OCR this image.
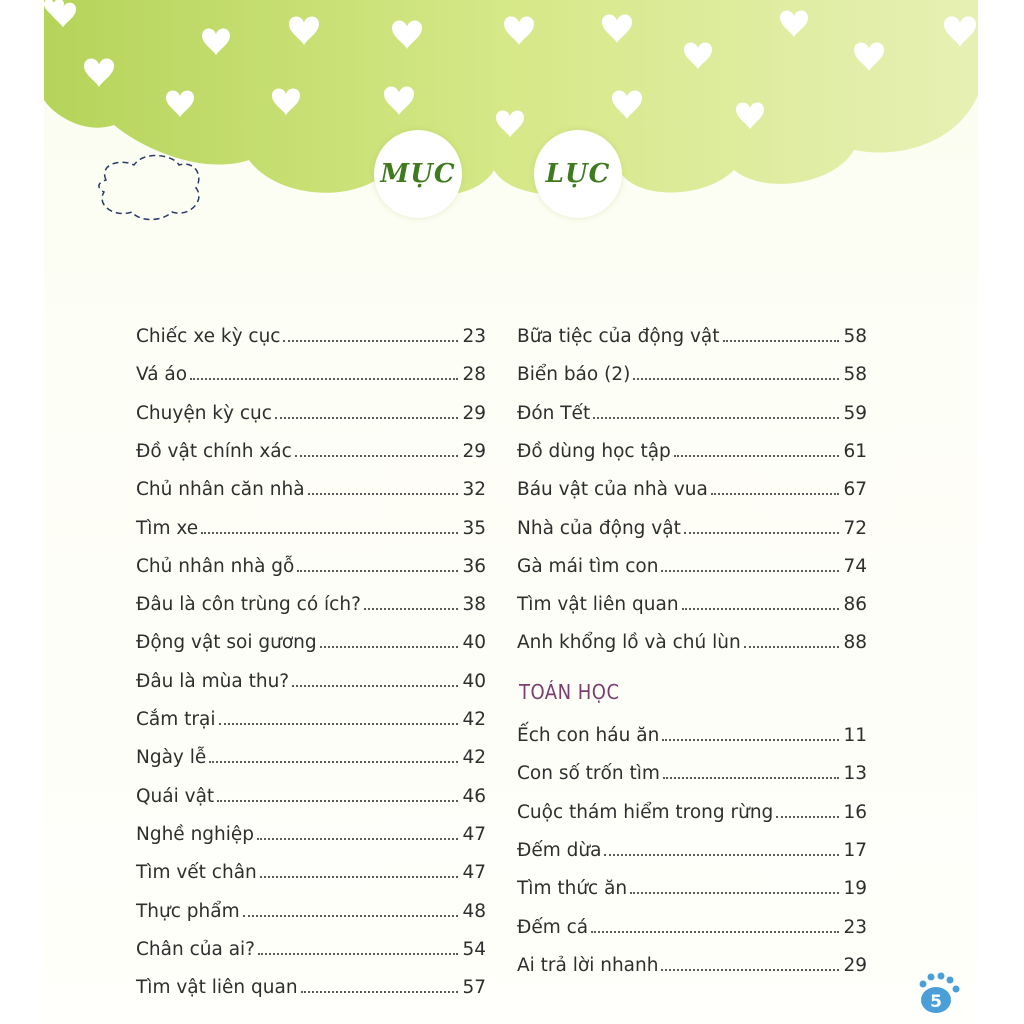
MỤC	LỤC
Chiếc xe kỳ cục	23
Vá áo	28
Chuyện kỳ cục	29
Đồ vật chính xác	29
Chủ nhân căn nhà	32
Tìm xe	35
Chủ nhân nhà gỗ	36
Đâu là côn trùng có ích?	38
Động vật soi gương	40
Đâu là mùa thu?	40
Cắm trại	42
Ngày lễ	42
Quái vật	46
Nghề nghiệp	47
Tìm vết chân	47
Thực phẩm	48
Chân của ai?	54
Tìm vật liên quan	57
TOÁN HỌC
Bữa tiệc của động vật	58
Biển báo (2)	58
Đón Tết	59
Đồ dùng học tập	61
Báu vật của nhà vua	67
Nhà của động vật	72
Gà mái tìm con	74
Tìm vật liên quan	86
Anh khổng lồ và chú lùn	88
Ếch con háu ăn	11
Con số trốn tìm	13
Cuộc thám hiểm trong rừng	16
Đếm dừa	17
Tìm thức ăn	19
Đếm cá	23
Ai trả lời nhanh	29
5
